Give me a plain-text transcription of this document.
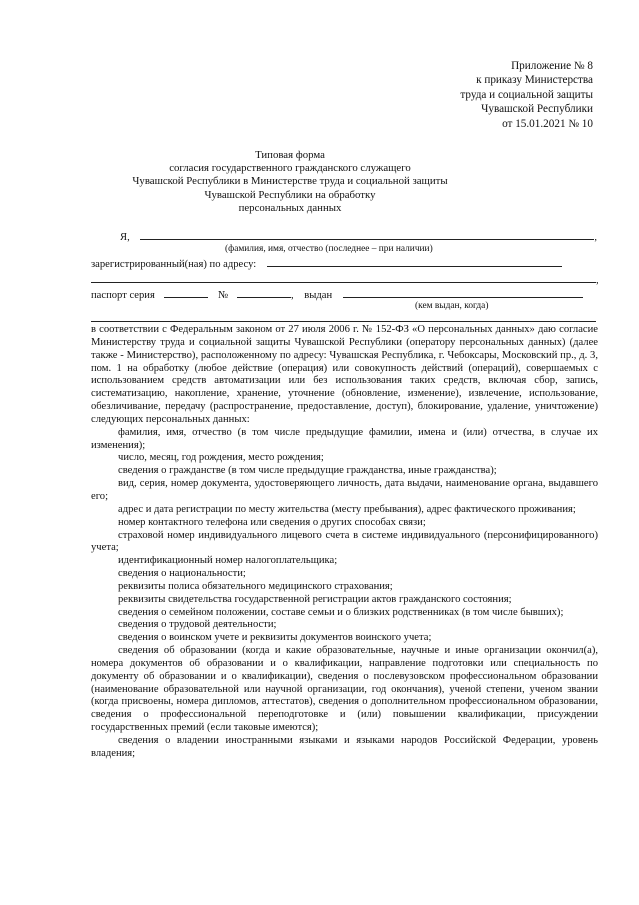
Приложение № 8
к приказу Министерства
труда и социальной защиты
Чувашской Республики
от 15.01.2021 № 10
Типовая форма
согласия государственного гражданского служащего
Чувашской Республики в Министерстве труда и социальной защиты
Чувашской Республики на обработку
персональных данных
Я,	,
(фамилия, имя, отчество (последнее – при наличии)
зарегистрированный(ная) по адресу:
,
паспорт серия	№	, выдан
(кем выдан, когда)

в соответствии с Федеральным законом от 27 июля 2006 г. № 152-ФЗ «О персональных данных» даю согласие Министерству труда и социальной защиты Чувашской Республики (оператору персональных данных) (далее также - Министерство), расположенному по адресу: Чувашская Республика, г. Чебоксары, Московский пр., д. 3, пом. 1 на обработку (любое действие (операция) или совокупность действий (операций), совершаемых с использованием средств автоматизации или без использования таких средств, включая сбор, запись, систематизацию, накопление, хранение, уточнение (обновление, изменение), извлечение, использование, обезличивание, передачу (распространение, предоставление, доступ), блокирование, удаление, уничтожение) следующих персональных данных:

фамилия, имя, отчество (в том числе предыдущие фамилии, имена и (или) отчества, в случае их изменения);

число, месяц, год рождения, место рождения;

сведения о гражданстве (в том числе предыдущие гражданства, иные гражданства);

вид, серия, номер документа, удостоверяющего личность, дата выдачи, наименование органа, выдавшего его;

адрес и дата регистрации по месту жительства (месту пребывания), адрес фактического проживания;

номер контактного телефона или сведения о других способах связи;

страховой номер индивидуального лицевого счета в системе индивидуального (персонифицированного) учета;

идентификационный номер налогоплательщика;

сведения о национальности;

реквизиты полиса обязательного медицинского страхования;

реквизиты свидетельства государственной регистрации актов гражданского состояния;

сведения о семейном положении, составе семьи и о близких родственниках (в том числе бывших);

сведения о трудовой деятельности;

сведения о воинском учете и реквизиты документов воинского учета;

сведения об образовании (когда и какие образовательные, научные и иные организации окончил(а), номера документов об образовании и о квалификации, направление подготовки или специальность по документу об образовании и о квалификации), сведения о послевузовском профессиональном образовании (наименование образовательной или научной организации, год окончания), ученой степени, ученом звании (когда присвоены, номера дипломов, аттестатов), сведения о дополнительном профессиональном образовании, сведения о профессиональной переподготовке и (или) повышении квалификации, присуждении государственных премий (если таковые имеются);

сведения о владении иностранными языками и языками народов Российской Федерации, уровень владения;
